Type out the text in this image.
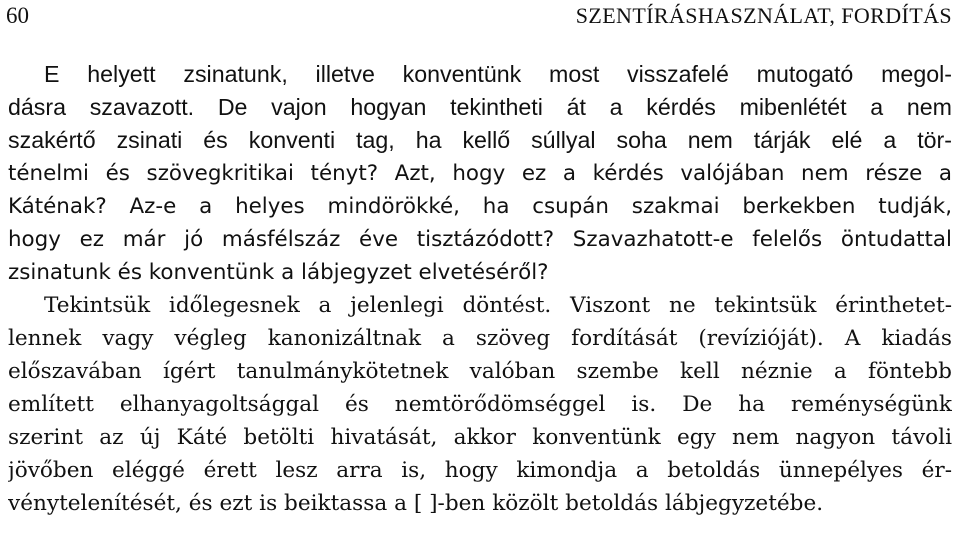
60	SZENTÍRÁSHASZNÁLAT, FORDÍTÁS
E helyett zsinatunk, illetve konventünk most visszafelé mutogató megol-
dásra szavazott. De vajon hogyan tekintheti át a kérdés mibenlétét a nem
szakértő zsinati és konventi tag, ha kellő súllyal soha nem tárják elé a tör-
ténelmi és szövegkritikai tényt? Azt, hogy ez a kérdés valójában nem része a
Káténak? Az-e a helyes mindörökké, ha csupán szakmai berkekben tudják,
hogy ez már jó másfélszáz éve tisztázódott? Szavazhatott-e felelős öntudattal
zsinatunk és konventünk a lábjegyzet elvetéséről?
Tekintsük időlegesnek a jelenlegi döntést. Viszont ne tekintsük érinthetet-
lennek vagy végleg kanonizáltnak a szöveg fordítását (revízióját). A kiadás
előszavában ígért tanulmánykötetnek valóban szembe kell néznie a föntebb
említett elhanyagoltsággal és nemtörődömséggel is. De ha reménységünk
szerint az új Káté betölti hivatását, akkor konventünk egy nem nagyon távoli
jövőben eléggé érett lesz arra is, hogy kimondja a betoldás ünnepélyes ér-
vénytelenítését, és ezt is beiktassa a [ ]-ben közölt betoldás lábjegyzetébe.
